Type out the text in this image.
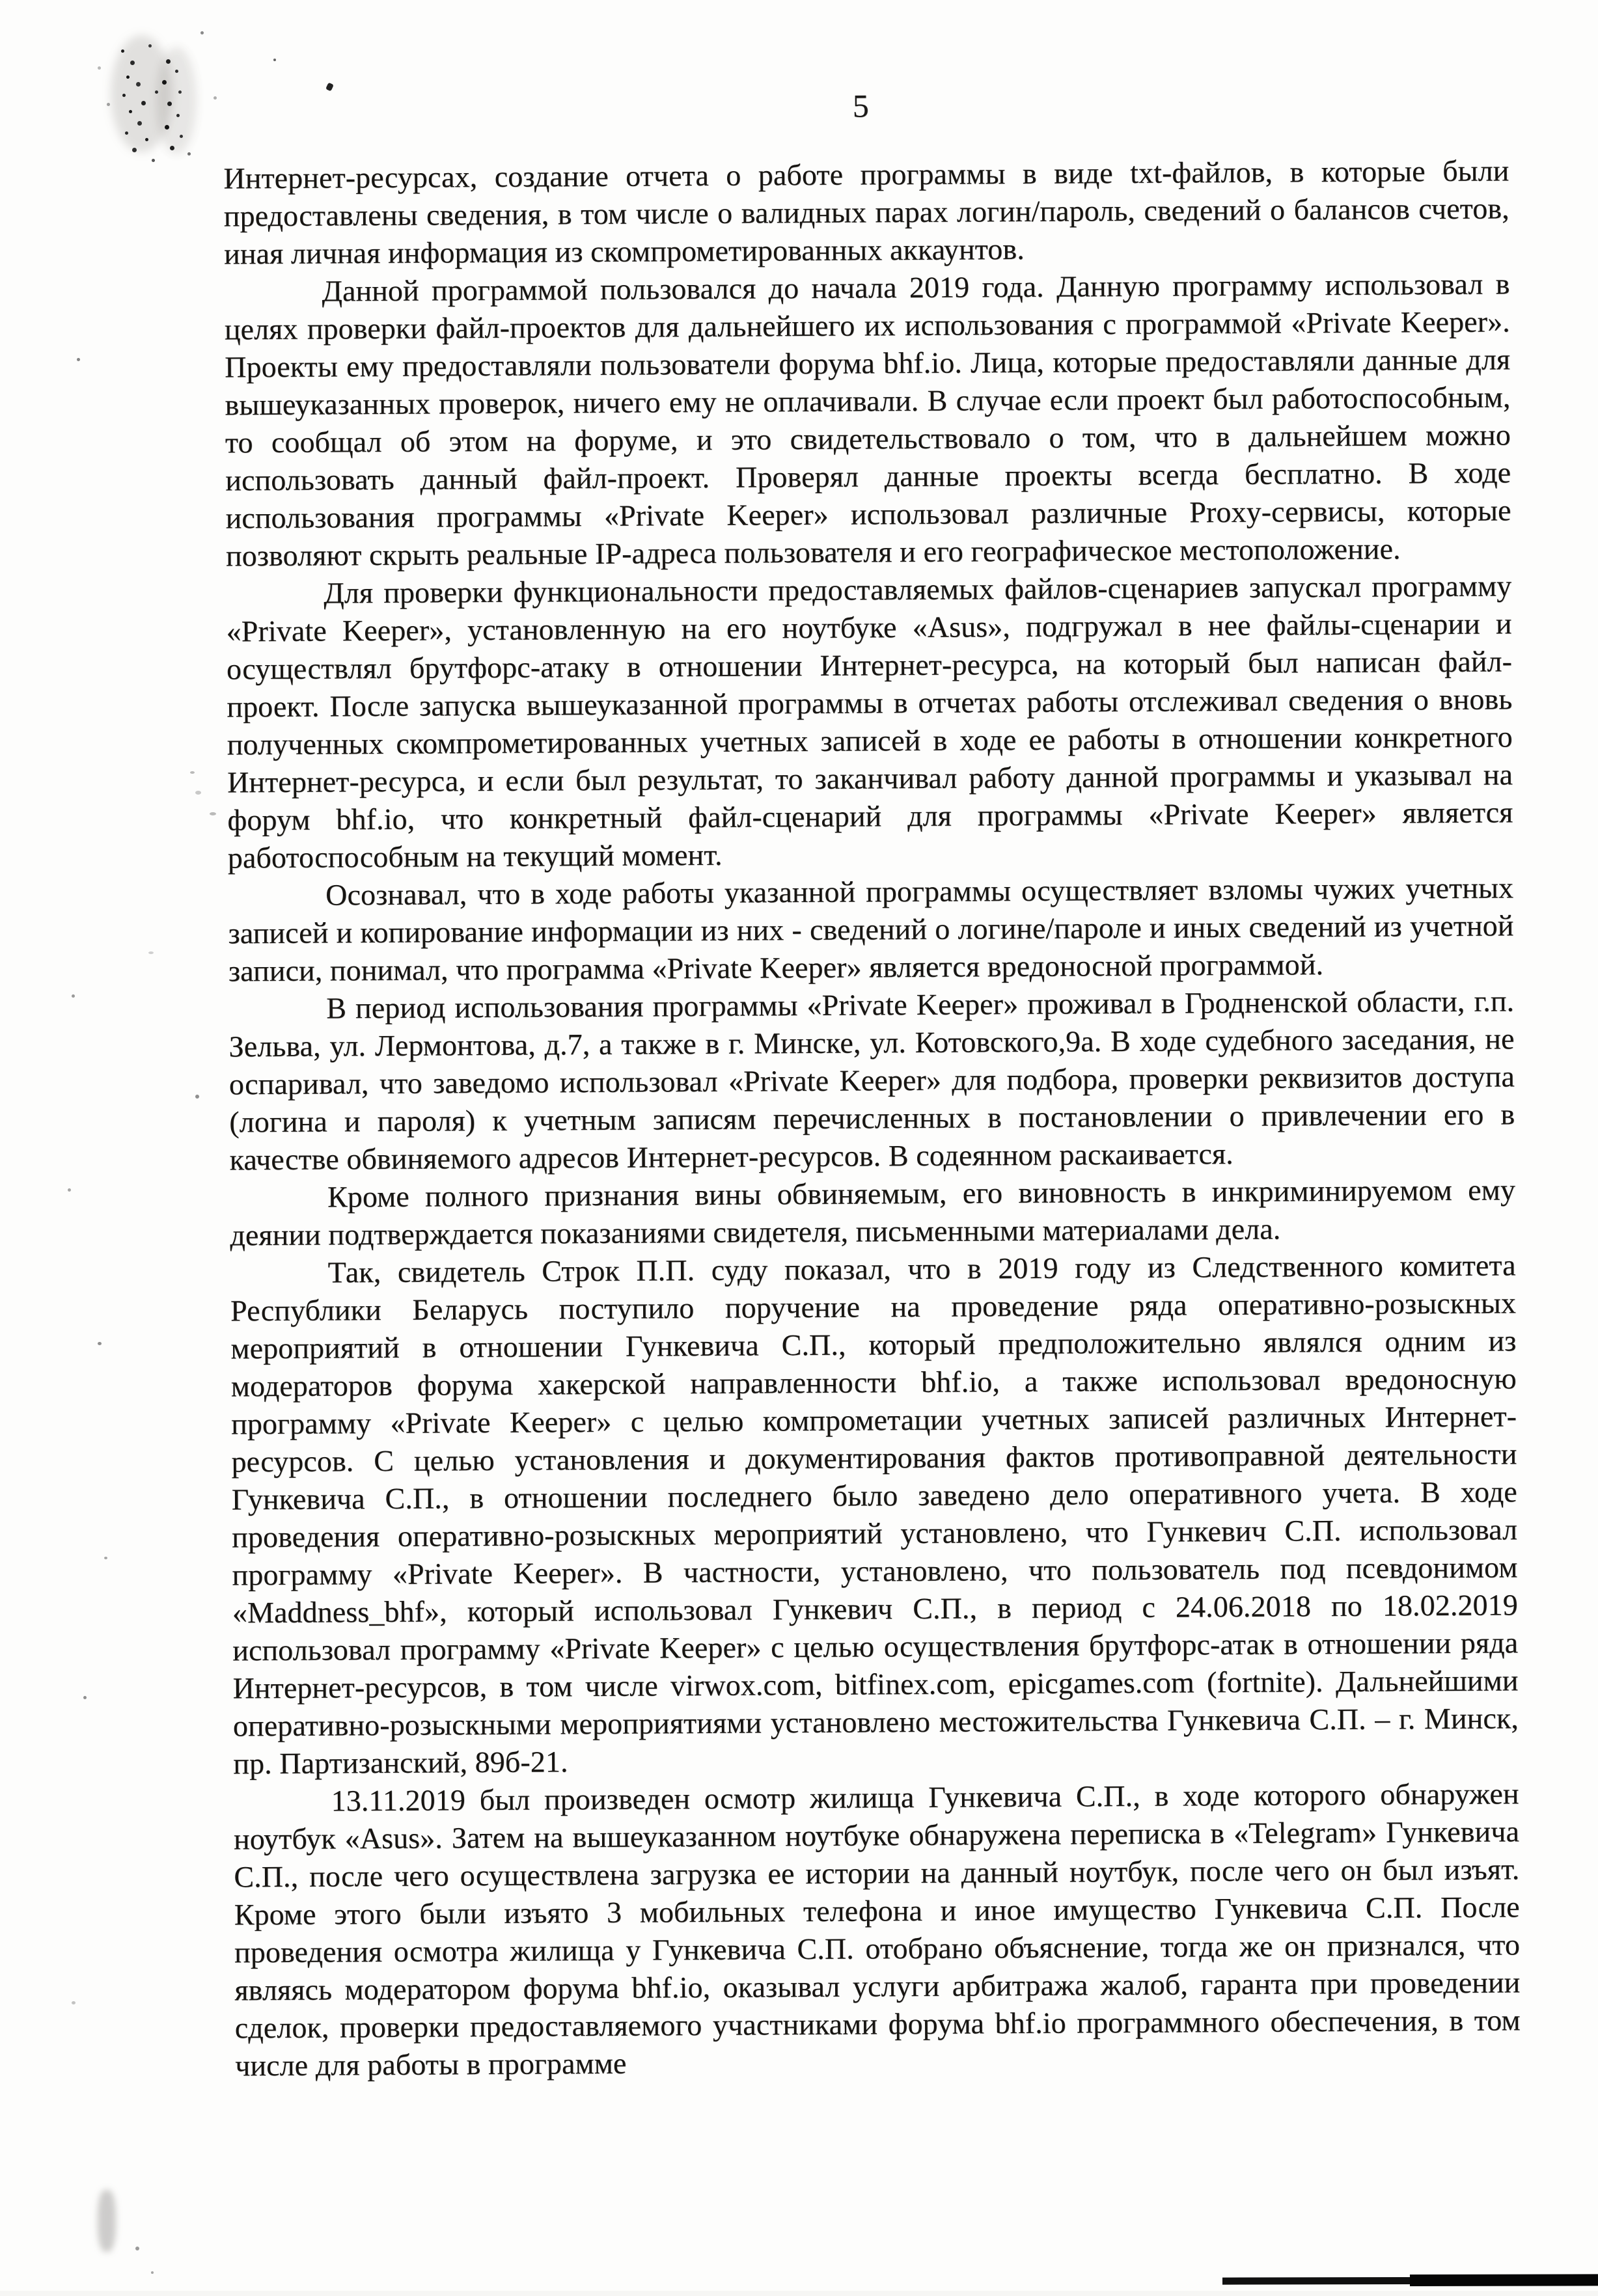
5

Интернет-ресурсах, создание отчета о работе программы в виде txt-файлов, в которые были предоставлены сведения, в том числе о валидных парах логин/пароль, сведений о балансов счетов, иная личная информация из скомпрометированных аккаунтов.

Данной программой пользовался до начала 2019 года. Данную программу использовал в целях проверки файл-проектов для дальнейшего их использования с программой «Private Keeper». Проекты ему предоставляли пользователи форума bhf.io. Лица, которые предоставляли данные для вышеуказанных проверок, ничего ему не оплачивали. В случае если проект был работоспособным, то сообщал об этом на форуме, и это свидетельствовало о том, что в дальнейшем можно использовать данный файл-проект. Проверял данные проекты всегда бесплатно. В ходе использования программы «Private Keeper» использовал различные Proxy-сервисы, которые позволяют скрыть реальные IP-адреса пользователя и его географическое местоположение.

Для проверки функциональности предоставляемых файлов-сценариев запускал программу «Private Keeper», установленную на его ноутбуке «Asus», подгружал в нее файлы-сценарии и осуществлял брутфорс-атаку в отношении Интернет-ресурса, на который был написан файл-проект. После запуска вышеуказанной программы в отчетах работы отслеживал сведения о вновь полученных скомпрометированных учетных записей в ходе ее работы в отношении конкретного Интернет-ресурса, и если был результат, то заканчивал работу данной программы и указывал на форум bhf.io, что конкретный файл-сценарий для программы «Private Keeper» является работоспособным на текущий момент.

Осознавал, что в ходе работы указанной программы осуществляет взломы чужих учетных записей и копирование информации из них - сведений о логине/пароле и иных сведений из учетной записи, понимал, что программа «Private Keeper» является вредоносной программой.

В период использования программы «Private Keeper» проживал в Гродненской области, г.п. Зельва, ул. Лермонтова, д.7, а также в г. Минске, ул. Котовского,9а. В ходе судебного заседания, не оспаривал, что заведомо использовал «Private Keeper» для подбора, проверки реквизитов доступа (логина и пароля) к учетным записям перечисленных в постановлении о привлечении его в качестве обвиняемого адресов Интернет-ресурсов. В содеянном раскаивается.

Кроме полного признания вины обвиняемым, его виновность в инкриминируемом ему деянии подтверждается показаниями свидетеля, письменными материалами дела.

Так, свидетель Строк П.П. суду показал, что в 2019 году из Следственного комитета Республики Беларусь поступило поручение на проведение ряда оперативно-розыскных мероприятий в отношении Гункевича С.П., который предположительно являлся одним из модераторов форума хакерской направленности bhf.io, а также использовал вредоносную программу «Private Keeper» с целью компрометации учетных записей различных Интернет-ресурсов. С целью установления и документирования фактов противоправной деятельности Гункевича С.П., в отношении последнего было заведено дело оперативного учета. В ходе проведения оперативно-розыскных мероприятий установлено, что Гункевич С.П. использовал программу «Private Keeper». В частности, установлено, что пользователь под псевдонимом «Maddness_bhf», который использовал Гункевич С.П., в период с 24.06.2018 по 18.02.2019 использовал программу «Private Keeper» с целью осуществления брутфорс-атак в отношении ряда Интернет-ресурсов, в том числе virwox.com, bitfinex.com, epicgames.com (fortnite). Дальнейшими оперативно-розыскными мероприятиями установлено местожительства Гункевича С.П. – г. Минск, пр. Партизанский, 89б-21.

13.11.2019 был произведен осмотр жилища Гункевича С.П., в ходе которого обнаружен ноутбук «Asus». Затем на вышеуказанном ноутбуке обнаружена переписка в «Telegram» Гункевича С.П., после чего осуществлена загрузка ее истории на данный ноутбук, после чего он был изъят. Кроме этого были изъято 3 мобильных телефона и иное имущество Гункевича С.П. После проведения осмотра жилища у Гункевича С.П. отобрано объяснение, тогда же он признался, что являясь модератором форума bhf.io, оказывал услуги арбитража жалоб, гаранта при проведении сделок, проверки предоставляемого участниками форума bhf.io программного обеспечения, в том числе для работы в программе
